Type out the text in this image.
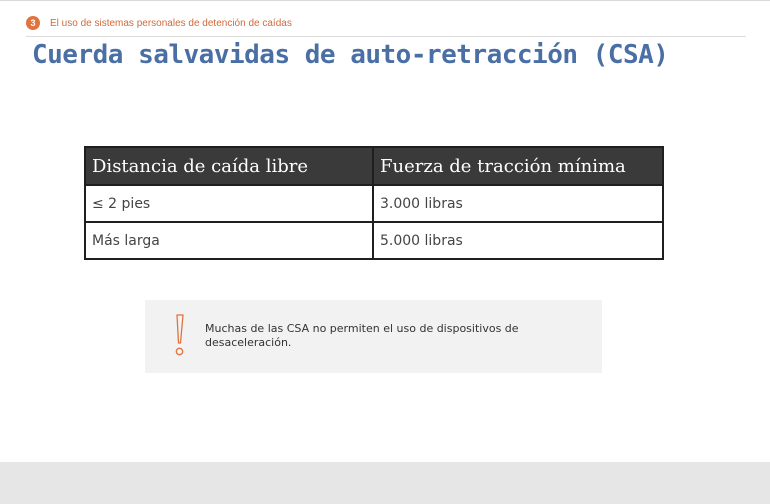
3	El uso de sistemas personales de detención de caídas
Cuerda salvavidas de auto-retracción (CSA)
Distancia de caída libre	Fuerza de tracción mínima
≤ 2 pies	3.000 libras
Más larga	5.000 libras
Muchas de las CSA no permiten el uso de dispositivos de desaceleración.
